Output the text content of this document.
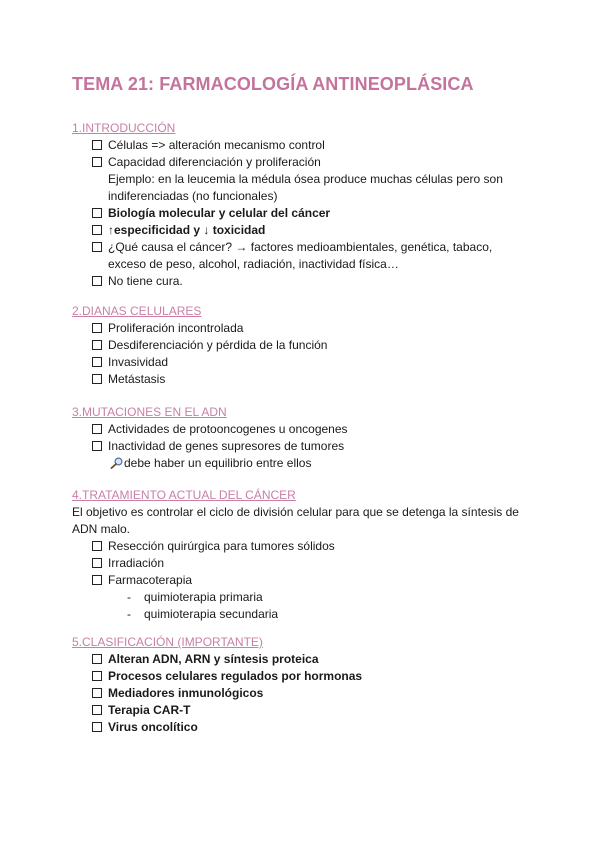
TEMA 21: FARMACOLOGÍA ANTINEOPLÁSICA
1.INTRODUCCIÓN
Células => alteración mecanismo control
Capacidad diferenciación y proliferación
Ejemplo: en la leucemia la médula ósea produce muchas células pero son indiferenciadas (no funcionales)
Biología molecular y celular del cáncer
↑especificidad y ↓ toxicidad
¿Qué causa el cáncer? → factores medioambientales, genética, tabaco, exceso de peso, alcohol, radiación, inactividad física…
No tiene cura.
2.DIANAS CELULARES
Proliferación incontrolada
Desdiferenciación y pérdida de la función
Invasividad
Metástasis
3.MUTACIONES EN EL ADN
Actividades de protooncogenes u oncogenes
Inactividad de genes supresores de tumores
debe haber un equilibrio entre ellos
4.TRATAMIENTO ACTUAL DEL CÁNCER
El objetivo es controlar el ciclo de división celular para que se detenga la síntesis de ADN malo.
Resección quirúrgica para tumores sólidos
Irradiación
Farmacoterapia
- quimioterapia primaria
- quimioterapia secundaria
5.CLASIFICACIÓN (IMPORTANTE)
Alteran ADN, ARN y síntesis proteica
Procesos celulares regulados por hormonas
Mediadores inmunológicos
Terapia CAR-T
Virus oncolítico
